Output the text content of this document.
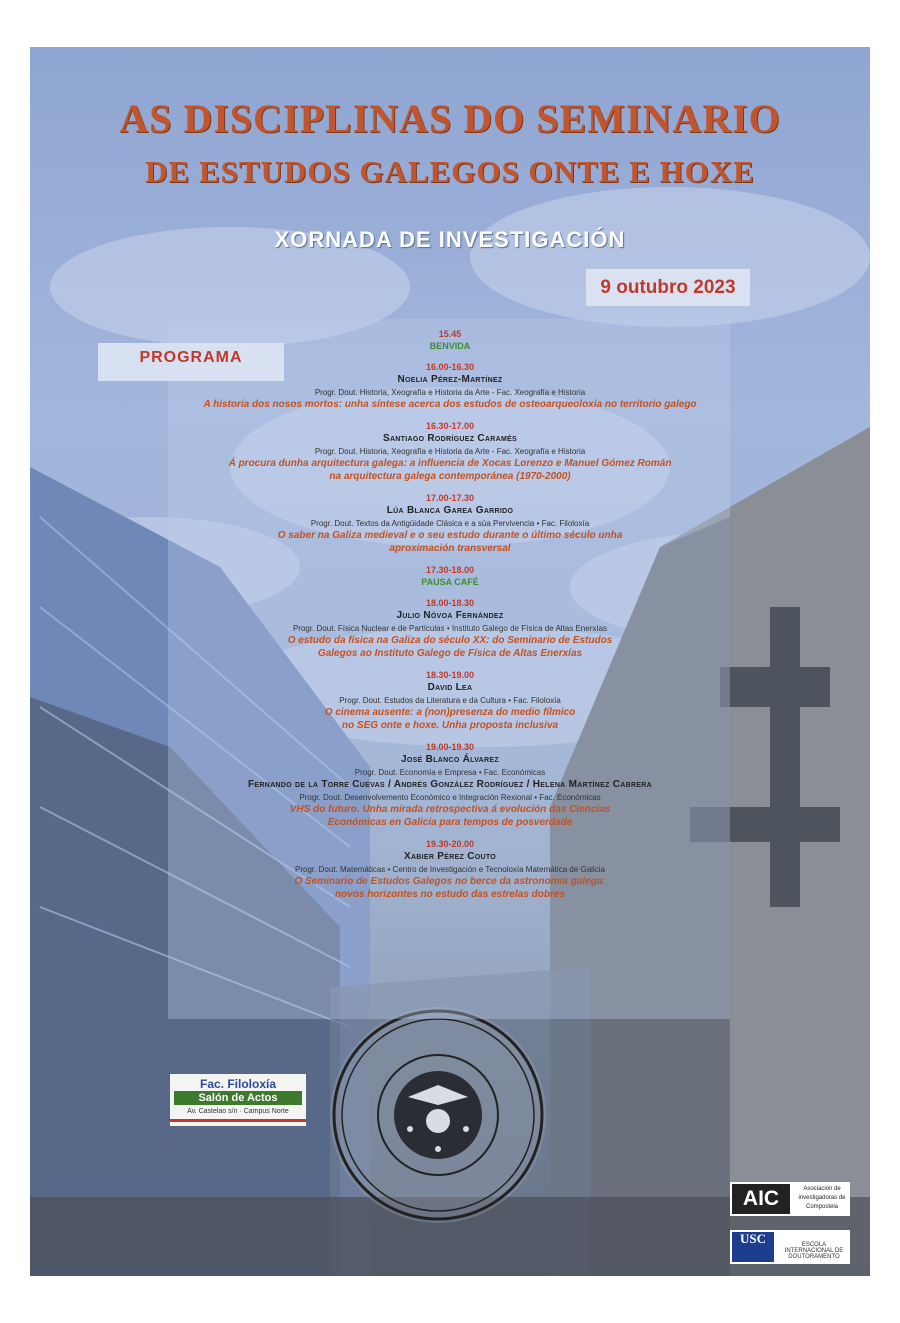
AS DISCIPLINAS DO SEMINARIO
DE ESTUDOS GALEGOS ONTE E HOXE
XORNADA DE INVESTIGACIÓN
9 outubro 2023
PROGRAMA
15.45
BENVIDA
16.00-16.30
Noelia Pérez-Martínez
Progr. Dout. Historia, Xeografía e Historia da Arte - Fac. Xeografía e Historia
A historia dos nosos mortos: unha síntese acerca dos estudos de osteoarqueoloxía no territorio galego
16.30-17.00
Santiago Rodríguez Caramés
Progr. Dout. Historia, Xeografía e Historia da Arte - Fac. Xeografía e Historia
Á procura dunha arquitectura galega: a influencia de Xocas Lorenzo e Manuel Gómez Román
na arquitectura galega contemporánea (1970-2000)
17.00-17.30
Lúa Blanca Garea Garrido
Progr. Dout. Textos da Antigüidade Clásica e a súa Pervivencia • Fac. Filoloxía
O saber na Galiza medieval e o seu estudo durante o último século unha
aproximación transversal
17.30-18.00
PAUSA CAFÉ
18.00-18.30
Julio Nóvoa Fernández
Progr. Dout. Física Nuclear e de Partículas • Instituto Galego de Física de Altas Enerxías
O estudo da física na Galiza do século XX: do Seminario de Estudos
Galegos ao Instituto Galego de Física de Altas Enerxías
18.30-19.00
David Lea
Progr. Dout. Estudos da Literatura e da Cultura • Fac. Filoloxía
O cinema ausente: a (non)presenza do medio fílmico
no SEG onte e hoxe. Unha proposta inclusiva
19.00-19.30
José Blanco Álvarez
Progr. Dout. Economía e Empresa • Fac. Económicas
Fernando de la Torre Cuevas / Andrés González Rodríguez / Helena Martínez Cabrera
Progr. Dout. Desenvolvemento Económico e Integración Rexional • Fac. Económicas
VHS do futuro. Unha mirada retrospectiva á evolución das Ciencias
Económicas en Galicia para tempos de posverdade
19.30-20.00
Xabier Pérez Couto
Progr. Dout. Matemáticas • Centro de Investigación e Tecnoloxía Matemática de Galicia
O Seminario de Estudos Galegos no berce da astronomía galega:
novos horizontes no estudo das estrelas dobres
Fac. Filoloxía
Salón de Actos
Av. Castelao s/n · Campus Norte
AIC	Asociación de investigadoras de Compostela
USC	ESCOLA INTERNACIONAL DE DOUTORAMENTO
